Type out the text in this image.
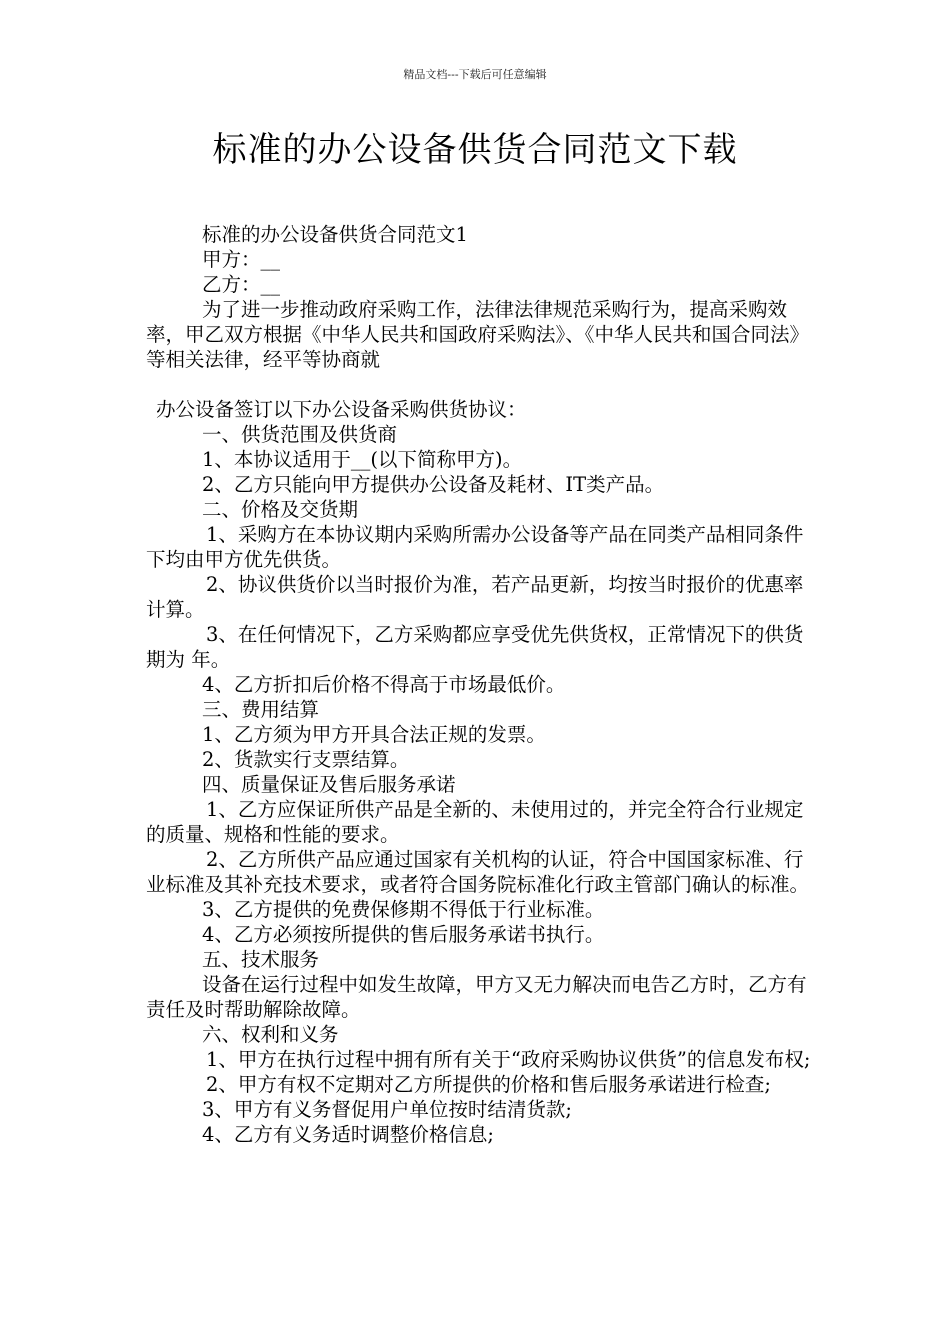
精品文档---下载后可任意编辑
标准的办公设备供货合同范文下载

标准的办公设备供货合同范文1

甲方：__

乙方：__

为了进一步推动政府采购工作，法律法律规范采购行为，提高采购效率，甲乙双方根据《中华人民共和国政府采购法》、《中华人民共和国合同法》等相关法律，经平等协商就

办公设备签订以下办公设备采购供货协议：

一、供货范围及供货商

1、本协议适用于__(以下简称甲方)。

2、乙方只能向甲方提供办公设备及耗材、IT类产品。

二、价格及交货期

1、采购方在本协议期内采购所需办公设备等产品在同类产品相同条件下均由甲方优先供货。

2、协议供货价以当时报价为准，若产品更新，均按当时报价的优惠率计算。

3、在任何情况下，乙方采购都应享受优先供货权，正常情况下的供货期为 年。

4、乙方折扣后价格不得高于市场最低价。

三、费用结算

1、乙方须为甲方开具合法正规的发票。

2、货款实行支票结算。

四、质量保证及售后服务承诺

1、乙方应保证所供产品是全新的、未使用过的，并完全符合行业规定的质量、规格和性能的要求。

2、乙方所供产品应通过国家有关机构的认证，符合中国国家标准、行业标准及其补充技术要求，或者符合国务院标准化行政主管部门确认的标准。

3、乙方提供的免费保修期不得低于行业标准。

4、乙方必须按所提供的售后服务承诺书执行。

五、技术服务

设备在运行过程中如发生故障，甲方又无力解决而电告乙方时，乙方有责任及时帮助解除故障。

六、权利和义务

1、甲方在执行过程中拥有所有关于“政府采购协议供货”的信息发布权;

2、甲方有权不定期对乙方所提供的价格和售后服务承诺进行检查;

3、甲方有义务督促用户单位按时结清货款;

4、乙方有义务适时调整价格信息;
